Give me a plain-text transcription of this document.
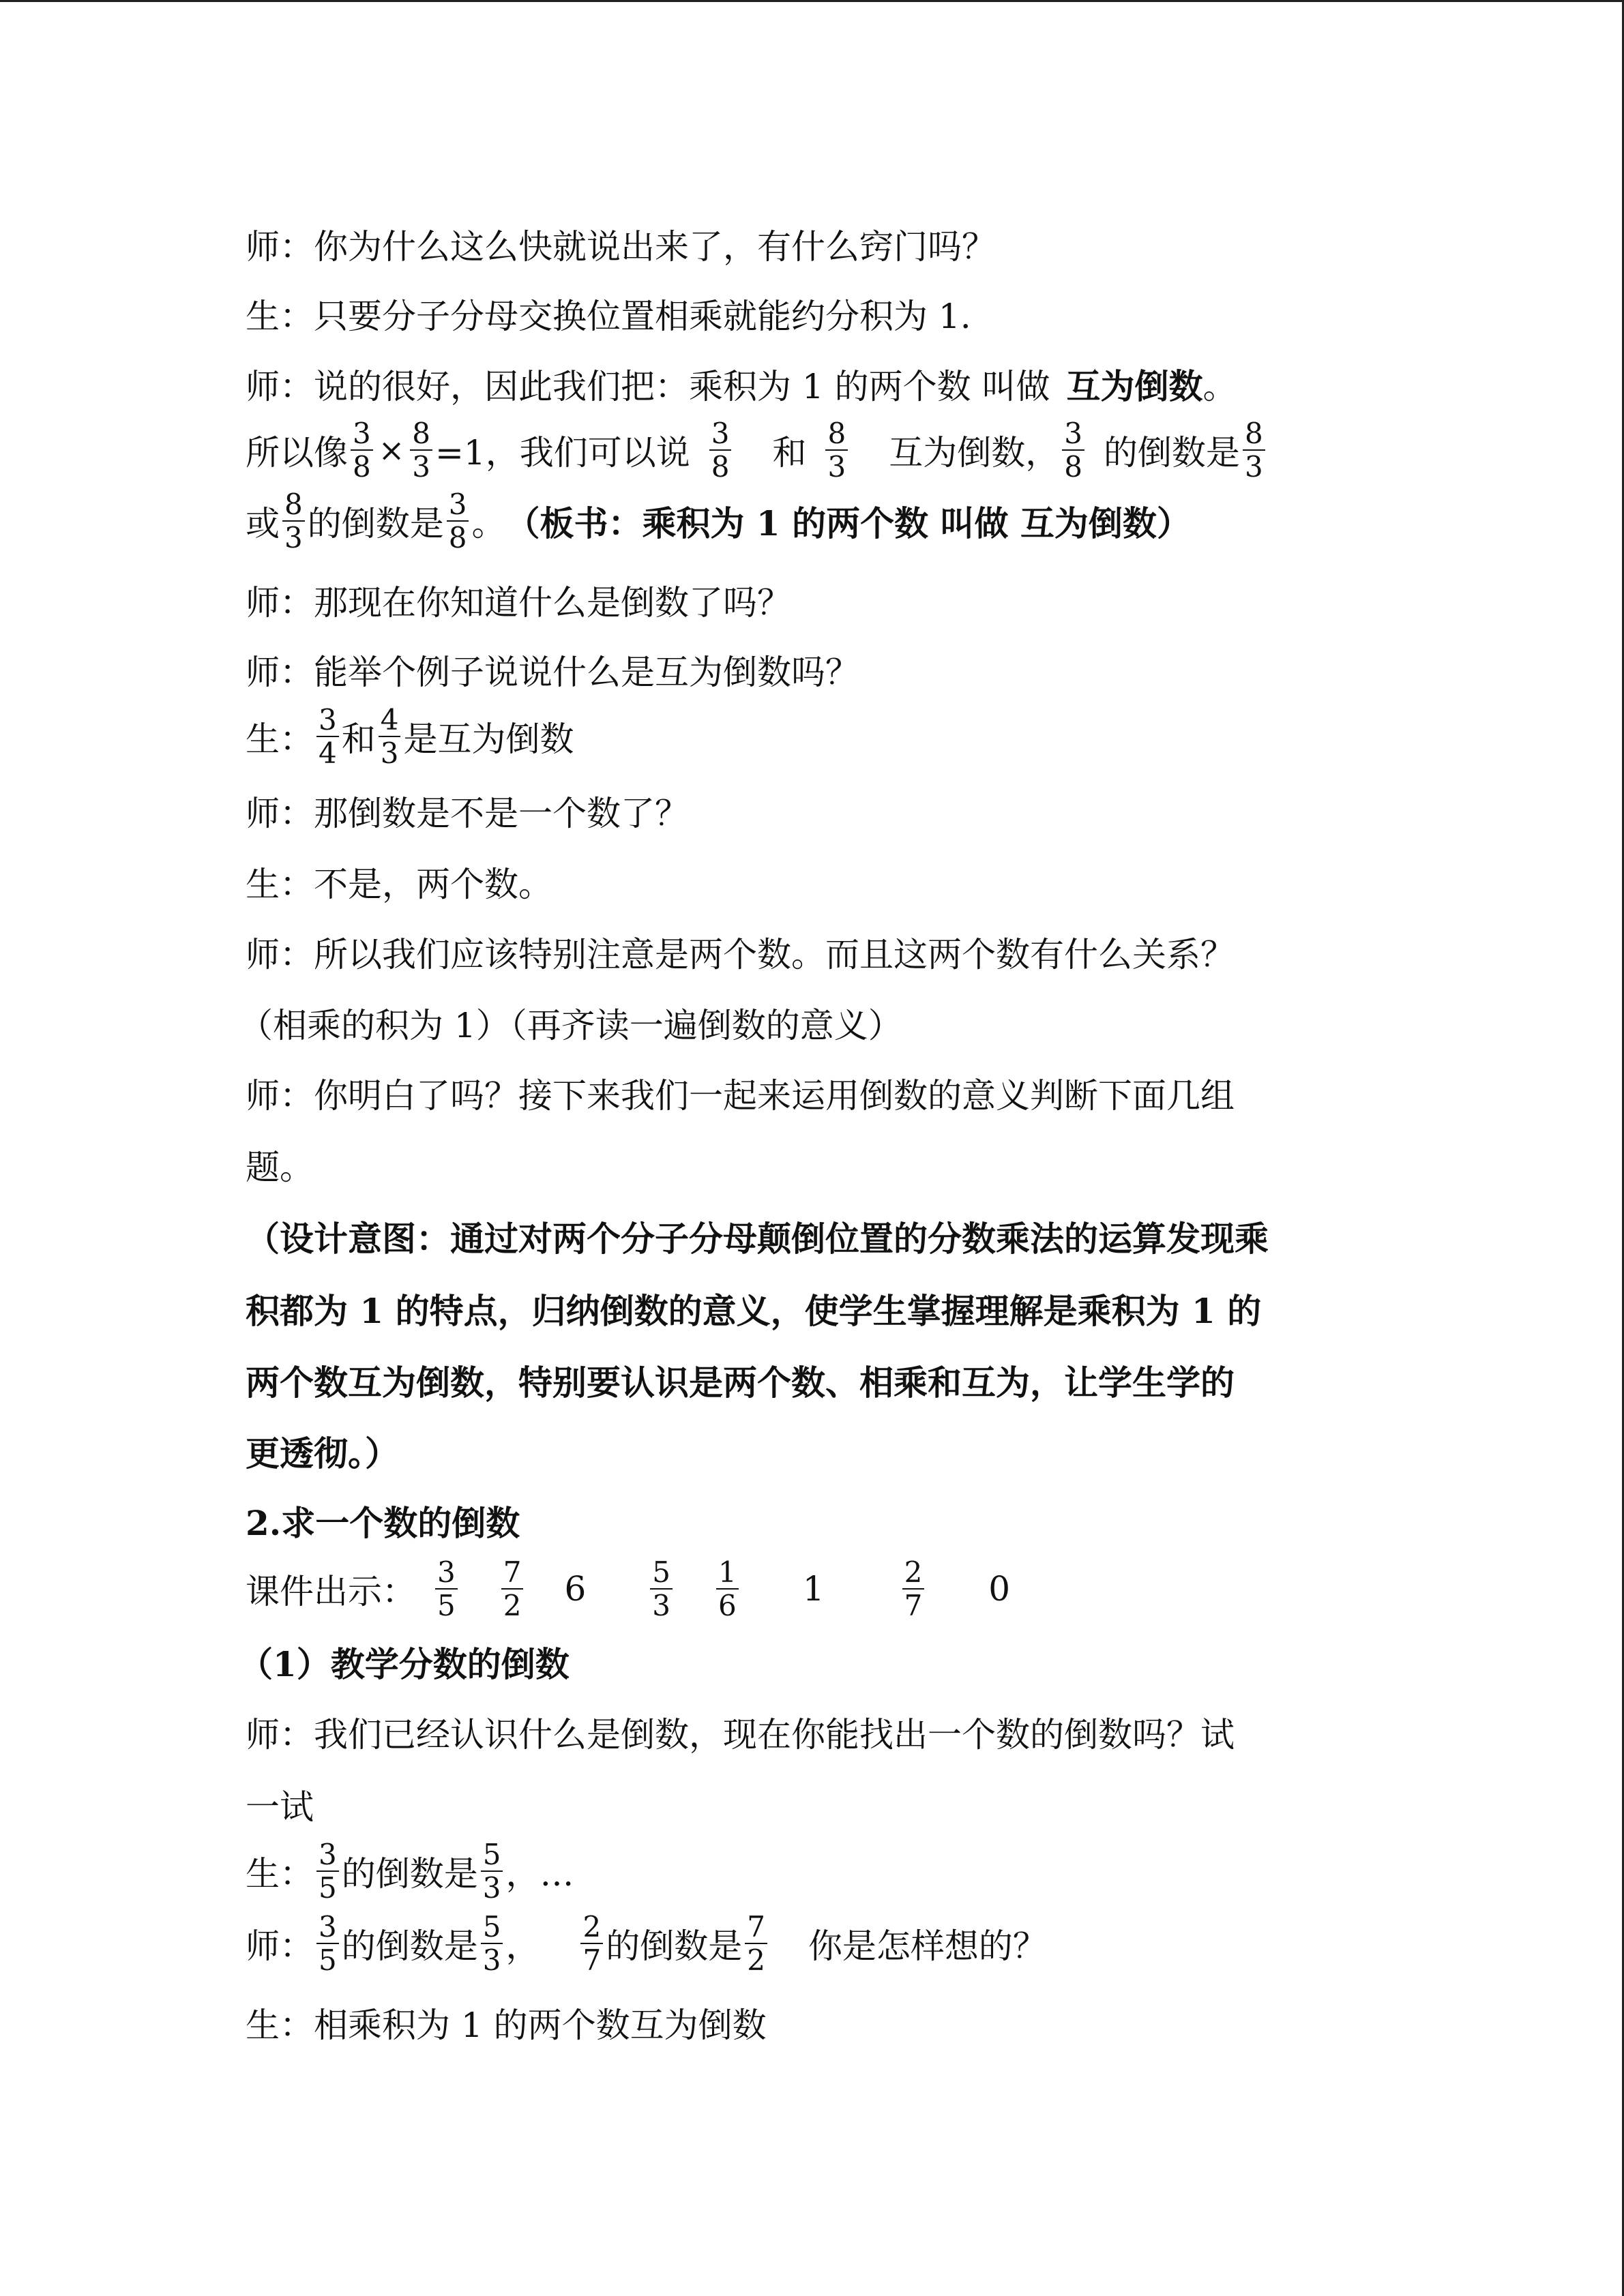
师：你为什么这么快就说出来了，有什么窍门吗？
生：只要分子分母交换位置相乘就能约分积为 1.
师：说的很好，因此我们把：乘积为 1 的两个数 叫做 互为倒数 。
所以像 $\frac{3}{8} \times \frac{8}{3} =1$，我们可以说 $\frac{3}{8}$ 和 $\frac{8}{3}$ 互为倒数， $\frac{3}{8}$ 的倒数是 $\frac{8}{3}$
或 $\frac{8}{3}$ 的倒数是 $\frac{3}{8}$ 。 （板书：乘积为 1 的两个数 叫做 互为倒数）
师：那现在你知道什么是倒数了吗？
师：能举个例子说说什么是互为倒数吗？
生： $\frac{3}{4}$ 和 $\frac{4}{3}$ 是互为倒数
师：那倒数是不是一个数了？
生：不是，两个数。
师：所以我们应该特别注意是两个数。而且这两个数有什么关系？
（相乘的积为 1）（再齐读一遍倒数的意义）
师：你明白了吗？接下来我们一起来运用倒数的意义判断下面几组
题。
（设计意图：通过对两个分子分母颠倒位置的分数乘法的运算发现乘
积都为 1 的特点，归纳倒数的意义，使学生掌握理解是乘积为 1 的
两个数互为倒数，特别要认识是两个数、相乘和互为，让学生学的
更透彻。）
2.求一个数的倒数
课件出示： $\frac{3}{5} \frac{7}{2} 6 \frac{5}{3} \frac{1}{6} 1$	$\frac{2}{7} 0$
（1）教学分数的倒数
师：我们已经认识什么是倒数，现在你能找出一个数的倒数吗？试
一试
生： $\frac{3}{5}$ 的倒数是 $\frac{5}{3}$ ，…
师： $\frac{3}{5}$ 的倒数是 $\frac{5}{3}$ ， $\frac{2}{7}$ 的倒数是 $\frac{7}{2}$ 你是怎样想的？
生：相乘积为 1 的两个数互为倒数
